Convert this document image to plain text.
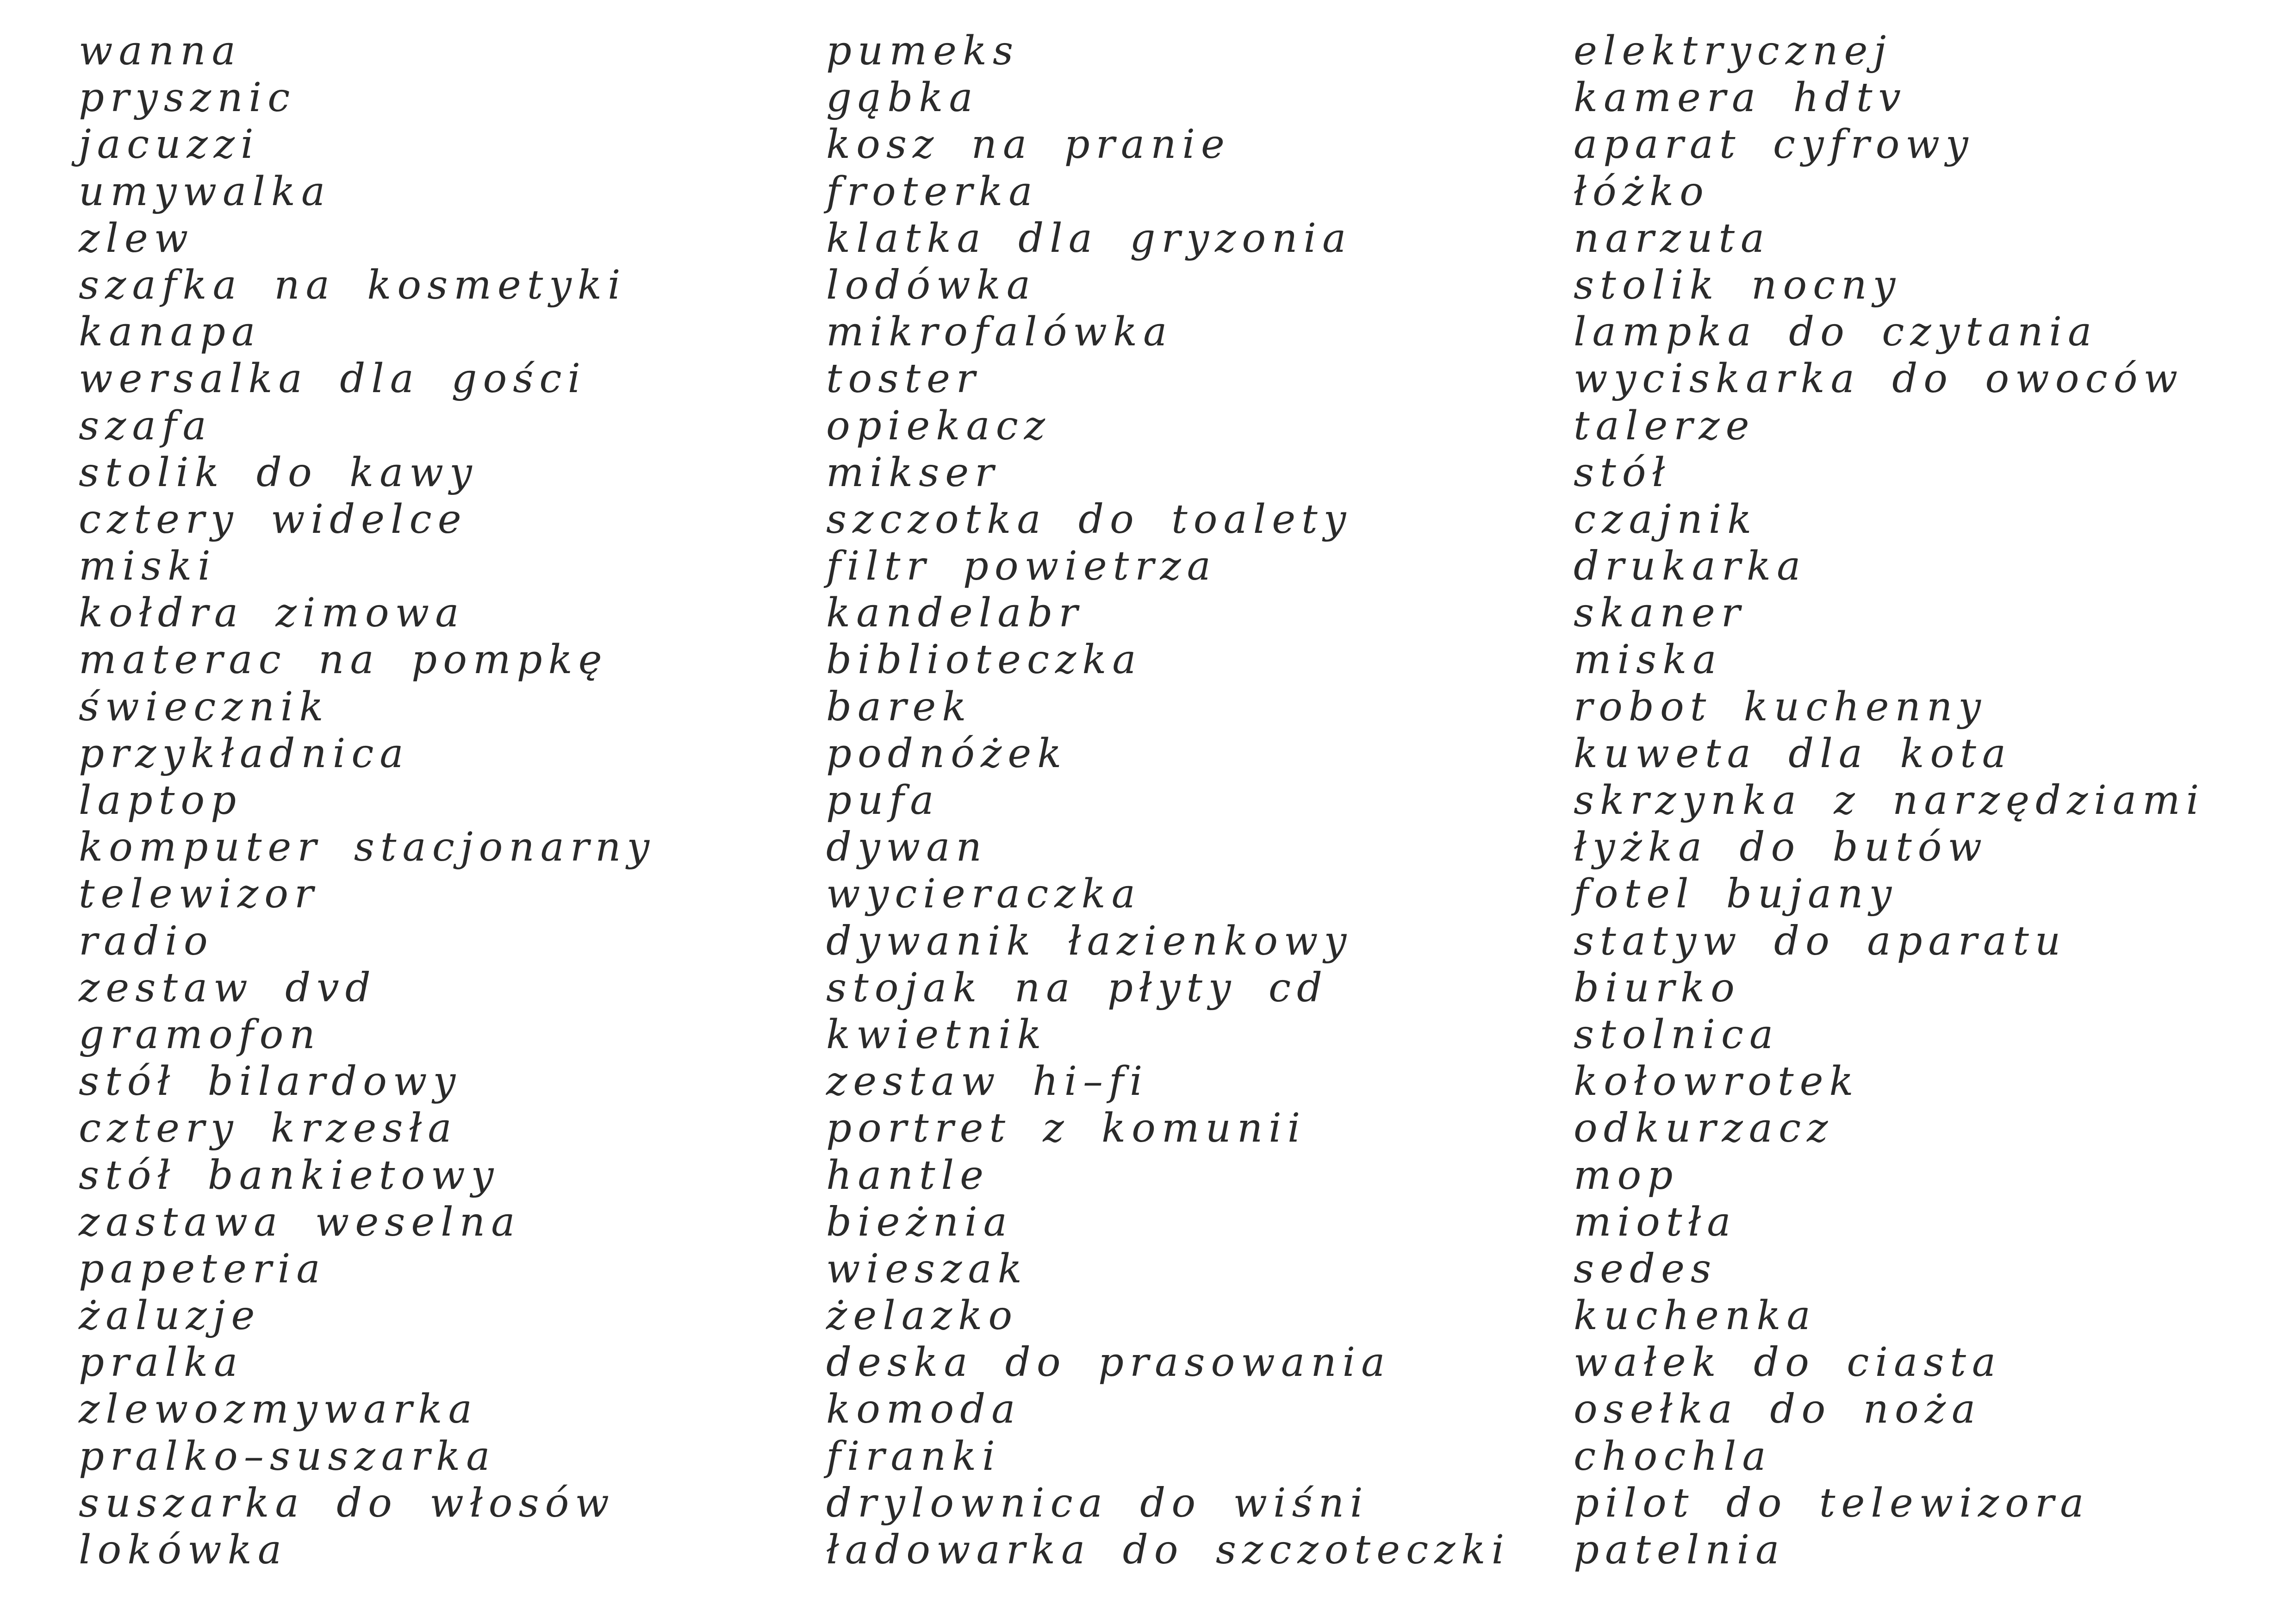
wanna
prysznic
jacuzzi
umywalka
zlew
szafka na kosmetyki
kanapa
wersalka dla gości
szafa
stolik do kawy
cztery widelce
miski
kołdra zimowa
materac na pompkę
świecznik
przykładnica
laptop
komputer stacjonarny
telewizor
radio
zestaw dvd
gramofon
stół bilardowy
cztery krzesła
stół bankietowy
zastawa weselna
papeteria
żaluzje
pralka
zlewozmywarka
pralko–suszarka
suszarka do włosów
lokówka
pumeks
gąbka
kosz na pranie
froterka
klatka dla gryzonia
lodówka
mikrofalówka
toster
opiekacz
mikser
szczotka do toalety
filtr powietrza
kandelabr
biblioteczka
barek
podnóżek
pufa
dywan
wycieraczka
dywanik łazienkowy
stojak na płyty cd
kwietnik
zestaw hi–fi
portret z komunii
hantle
bieżnia
wieszak
żelazko
deska do prasowania
komoda
firanki
drylownica do wiśni
ładowarka do szczoteczki
elektrycznej
kamera hdtv
aparat cyfrowy
łóżko
narzuta
stolik nocny
lampka do czytania
wyciskarka do owoców
talerze
stół
czajnik
drukarka
skaner
miska
robot kuchenny
kuweta dla kota
skrzynka z narzędziami
łyżka do butów
fotel bujany
statyw do aparatu
biurko
stolnica
kołowrotek
odkurzacz
mop
miotła
sedes
kuchenka
wałek do ciasta
osełka do noża
chochla
pilot do telewizora
patelnia
